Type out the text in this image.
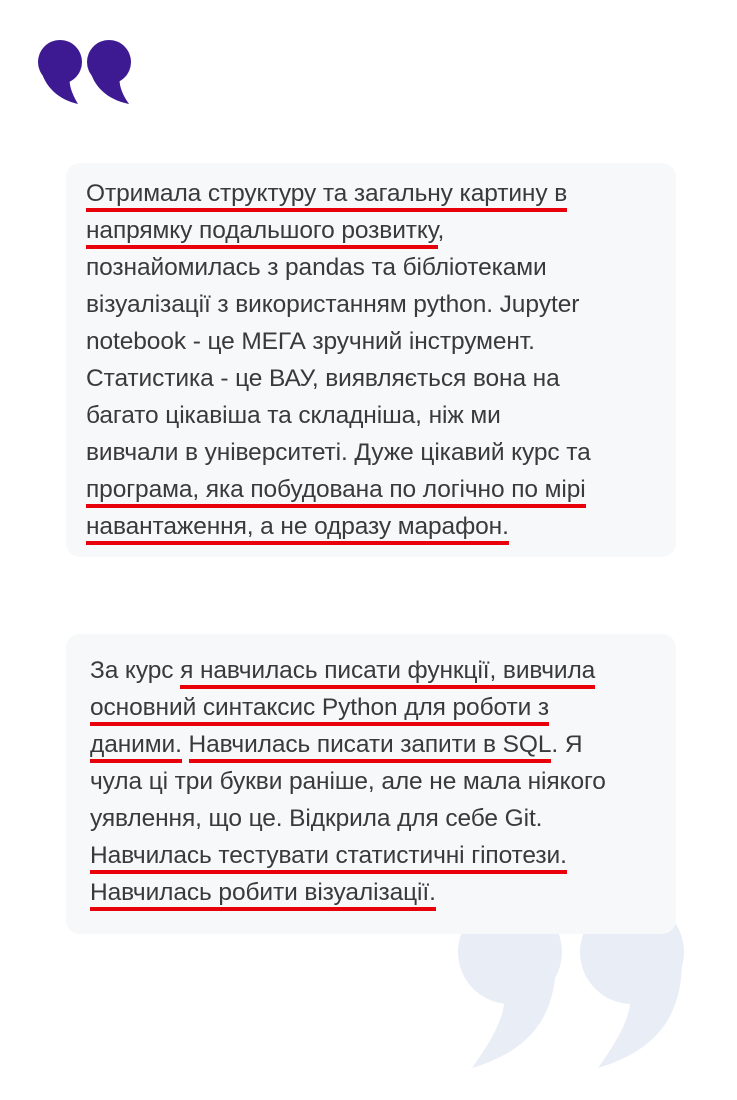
Отримала структуру та загальну картину в
напрямку подальшого розвитку,
познайомилась з pandas та бібліотеками
візуалізації з використанням python. Jupyter
notebook - це МЕГА зручний інструмент.
Статистика - це ВАУ, виявляється вона на
багато цікавіша та складніша, ніж ми
вивчали в університеті. Дуже цікавий курс та
програма, яка побудована по логічно по мірі
навантаження, а не одразу марафон.
За курс я навчилась писати функції, вивчила
основний синтаксис Python для роботи з
даними. Навчилась писати запити в SQL. Я
чула ці три букви раніше, але не мала ніякого
уявлення, що це. Відкрила для себе Git.
Навчилась тестувати статистичні гіпотези.
Навчилась робити візуалізації.
